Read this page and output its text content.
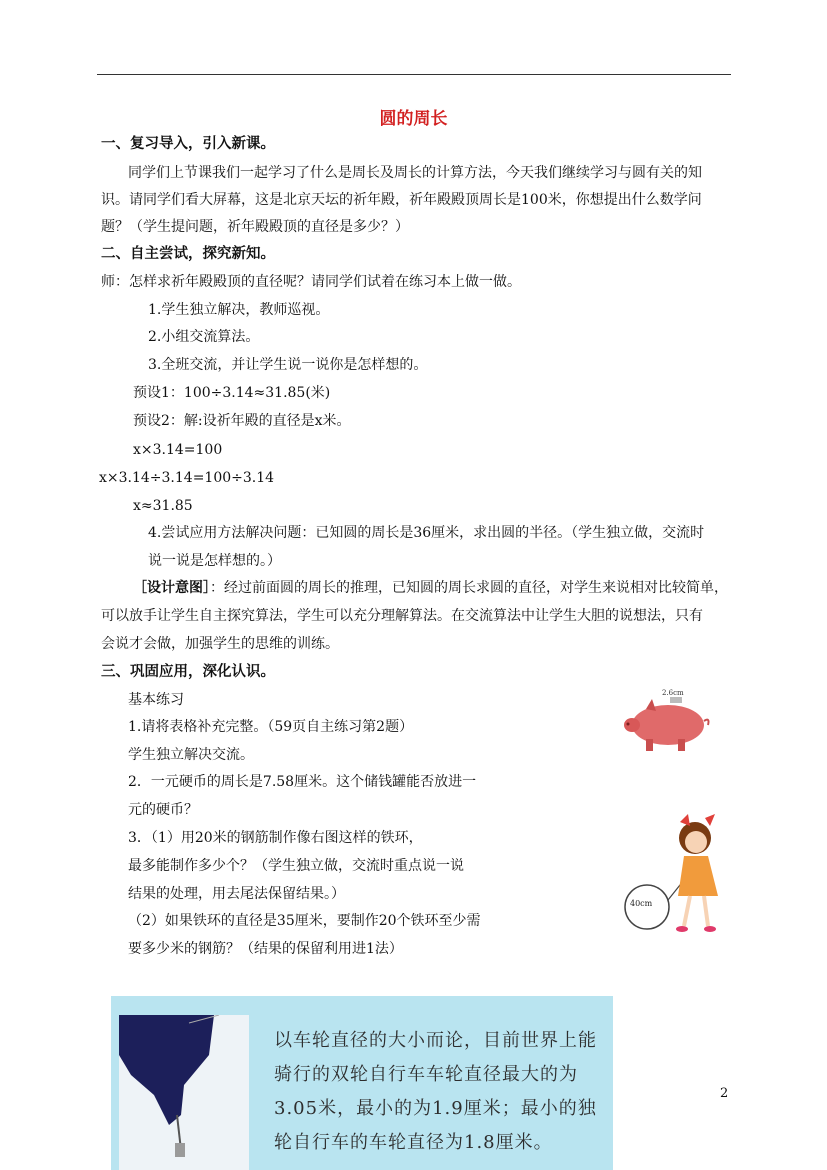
圆的周长
一、复习导入，引入新课。
同学们上节课我们一起学习了什么是周长及周长的计算方法，今天我们继续学习与圆有关的知
识。请同学们看大屏幕，这是北京天坛的祈年殿，祈年殿殿顶周长是100米，你想提出什么数学问
题？（学生提问题，祈年殿殿顶的直径是多少？）
二、自主尝试，探究新知。
师：怎样求祈年殿殿顶的直径呢？请同学们试着在练习本上做一做。
1.学生独立解决，教师巡视。
2.小组交流算法。
3.全班交流，并让学生说一说你是怎样想的。
预设1：100÷3.14≈31.85(米)
预设2：解:设祈年殿的直径是x米。
x×3.14=100
x×3.14÷3.14=100÷3.14
x≈31.85
4.尝试应用方法解决问题：已知圆的周长是36厘米，求出圆的半径。（学生独立做，交流时
说一说是怎样想的。）
［设计意图］：经过前面圆的周长的推理，已知圆的周长求圆的直径，对学生来说相对比较简单，
可以放手让学生自主探究算法，学生可以充分理解算法。在交流算法中让学生大胆的说想法，只有
会说才会做，加强学生的思维的训练。
三、巩固应用，深化认识。
基本练习
1.请将表格补充完整。（59页自主练习第2题）
学生独立解决交流。
2．一元硬币的周长是7.58厘米。这个储钱罐能否放进一
元的硬币？
3．（1）用20米的钢筋制作像右图这样的铁环，
最多能制作多少个？（学生独立做，交流时重点说一说
结果的处理，用去尾法保留结果。）
（2）如果铁环的直径是35厘米，要制作20个铁环至少需
要多少米的钢筋？（结果的保留利用进1法）
2.6cm
40cm
以车轮直径的大小而论，目前世界上能骑行的双轮自行车车轮直径最大的为3.05米，最小的为1.9厘米；最小的独轮自行车的车轮直径为1.8厘米。
2
